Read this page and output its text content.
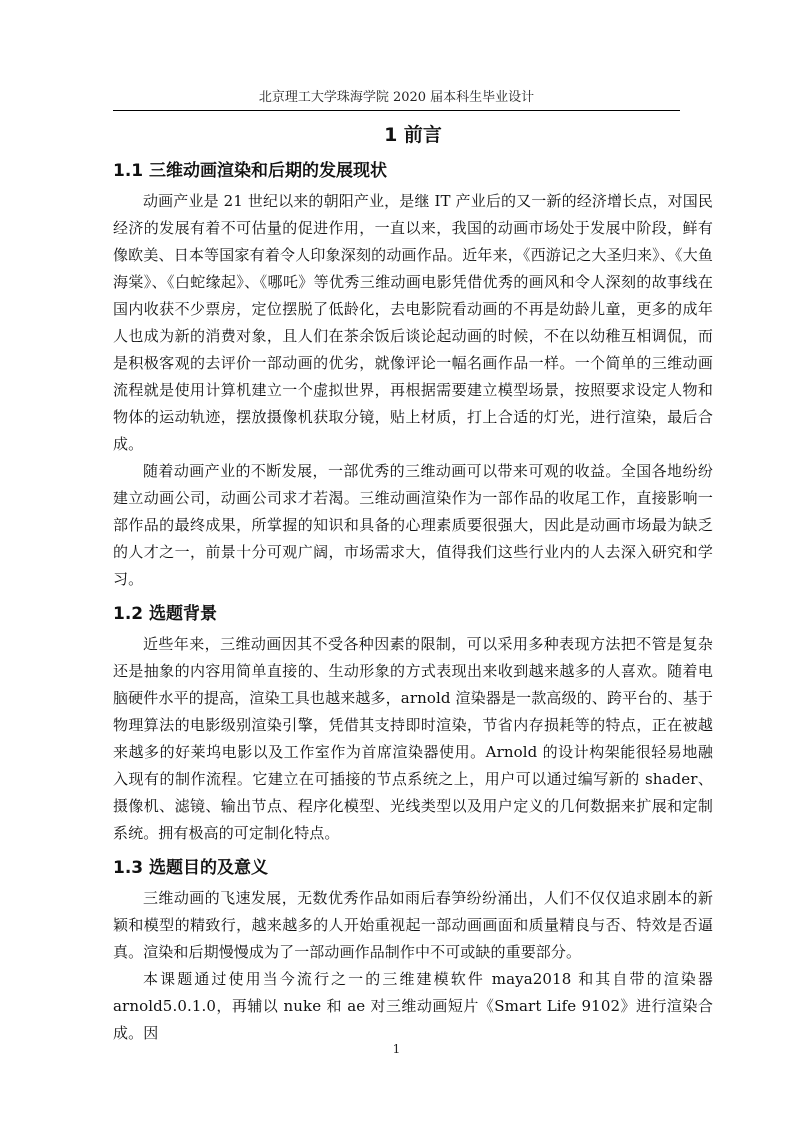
北京理工大学珠海学院 2020 届本科生毕业设计
1 前言
1.1 三维动画渲染和后期的发展现状

动画产业是 21 世纪以来的朝阳产业，是继 IT 产业后的又一新的经济增长点，对国民经济的发展有着不可估量的促进作用，一直以来，我国的动画市场处于发展中阶段，鲜有像欧美、日本等国家有着令人印象深刻的动画作品。近年来，《西游记之大圣归来》、《大鱼海棠》、《白蛇缘起》、《哪吒》等优秀三维动画电影凭借优秀的画风和令人深刻的故事线在国内收获不少票房，定位摆脱了低龄化，去电影院看动画的不再是幼龄儿童，更多的成年人也成为新的消费对象，且人们在茶余饭后谈论起动画的时候，不在以幼稚互相调侃，而是积极客观的去评价一部动画的优劣，就像评论一幅名画作品一样。一个简单的三维动画流程就是使用计算机建立一个虚拟世界，再根据需要建立模型场景，按照要求设定人物和物体的运动轨迹，摆放摄像机获取分镜，贴上材质，打上合适的灯光，进行渲染，最后合成。

随着动画产业的不断发展，一部优秀的三维动画可以带来可观的收益。全国各地纷纷建立动画公司，动画公司求才若渴。三维动画渲染作为一部作品的收尾工作，直接影响一部作品的最终成果，所掌握的知识和具备的心理素质要很强大，因此是动画市场最为缺乏的人才之一，前景十分可观广阔，市场需求大，值得我们这些行业内的人去深入研究和学习。

1.2 选题背景

近些年来，三维动画因其不受各种因素的限制，可以采用多种表现方法把不管是复杂还是抽象的内容用简单直接的、生动形象的方式表现出来收到越来越多的人喜欢。随着电脑硬件水平的提高，渲染工具也越来越多，arnold 渲染器是一款高级的、跨平台的、基于物理算法的电影级别渲染引擎，凭借其支持即时渲染，节省内存损耗等的特点，正在被越来越多的好莱坞电影以及工作室作为首席渲染器使用。Arnold 的设计构架能很轻易地融入现有的制作流程。它建立在可插接的节点系统之上，用户可以通过编写新的 shader、摄像机、滤镜、输出节点、程序化模型、光线类型以及用户定义的几何数据来扩展和定制系统。拥有极高的可定制化特点。

1.3 选题目的及意义

三维动画的飞速发展，无数优秀作品如雨后春笋纷纷涌出，人们不仅仅追求剧本的新颖和模型的精致行，越来越多的人开始重视起一部动画画面和质量精良与否、特效是否逼真。渲染和后期慢慢成为了一部动画作品制作中不可或缺的重要部分。

本课题通过使用当今流行之一的三维建模软件 maya2018 和其自带的渲染器 arnold5.0.1.0，再辅以 nuke 和 ae 对三维动画短片《Smart Life 9102》进行渲染合成。因

1
